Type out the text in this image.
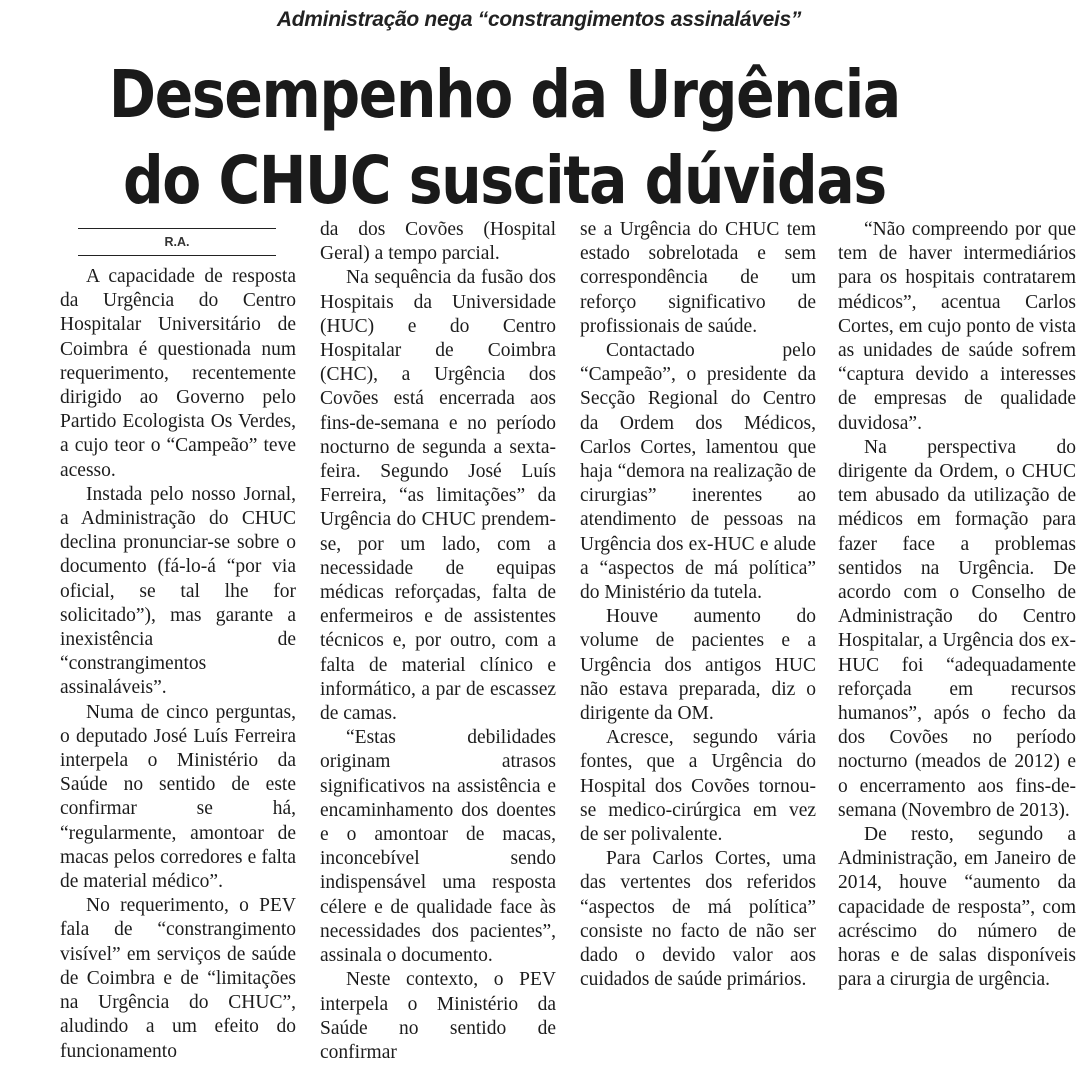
Administração nega “constrangimentos assinaláveis”
Desempenho da Urgência
do CHUC suscita dúvidas
R.A.

A capacidade de resposta da Urgência do Centro Hospitalar Universitário de Coimbra é questionada num requerimento, recentemente dirigido ao Governo pelo Partido Ecologista Os Verdes, a cujo teor o “Campeão” teve acesso.

Instada pelo nosso Jornal, a Administração do CHUC declina pronunciar-se sobre o documento (fá-lo-á “por via oficial, se tal lhe for solicitado”), mas garante a inexistência de “constrangimentos assinaláveis”.

Numa de cinco perguntas, o deputado José Luís Ferreira interpela o Ministério da Saúde no sentido de este confirmar se há, “regularmente, amontoar de macas pelos corredores e falta de material médico”.

No requerimento, o PEV fala de “constrangimento visível” em serviços de saúde de Coimbra e de “limitações na Urgência do CHUC”, aludindo a um efeito do funcionamento

da dos Covões (Hospital Geral) a tempo parcial.

Na sequência da fusão dos Hospitais da Universidade (HUC) e do Centro Hospitalar de Coimbra (CHC), a Urgência dos Covões está encerrada aos fins-de-semana e no período nocturno de segunda a sexta-feira. Segundo José Luís Ferreira, “as limitações” da Urgência do CHUC prendem-se, por um lado, com a necessidade de equipas médicas reforçadas, falta de enfermeiros e de assistentes técnicos e, por outro, com a falta de material clínico e informático, a par de escassez de camas.

“Estas debilidades originam atrasos significativos na assistência e encaminhamento dos doentes e o amontoar de macas, inconcebível sendo indispensável uma resposta célere e de qualidade face às necessidades dos pacientes”, assinala o documento.

Neste contexto, o PEV interpela o Ministério da Saúde no sentido de confirmar

se a Urgência do CHUC tem estado sobrelotada e sem correspondência de um reforço significativo de profissionais de saúde.

Contactado pelo “Campeão”, o presidente da Secção Regional do Centro da Ordem dos Médicos, Carlos Cortes, lamentou que haja “demora na realização de cirurgias” inerentes ao atendimento de pessoas na Urgência dos ex-HUC e alude a “aspectos de má política” do Ministério da tutela.

Houve aumento do volume de pacientes e a Urgência dos antigos HUC não estava preparada, diz o dirigente da OM.

Acresce, segundo vária fontes, que a Urgência do Hospital dos Covões tornou-se medico-cirúrgica em vez de ser polivalente.

Para Carlos Cortes, uma das vertentes dos referidos “aspectos de má política” consiste no facto de não ser dado o devido valor aos cuidados de saúde primários.

“Não compreendo por que tem de haver intermediários para os hospitais contratarem médicos”, acentua Carlos Cortes, em cujo ponto de vista as unidades de saúde sofrem “captura devido a interesses de empresas de qualidade duvidosa”.

Na perspectiva do dirigente da Ordem, o CHUC tem abusado da utilização de médicos em formação para fazer face a problemas sentidos na Urgência. De acordo com o Conselho de Administração do Centro Hospitalar, a Urgência dos ex-HUC foi “adequadamente reforçada em recursos humanos”, após o fecho da dos Covões no período nocturno (meados de 2012) e o encerramento aos fins-de-semana (Novembro de 2013).

De resto, segundo a Administração, em Janeiro de 2014, houve “aumento da capacidade de resposta”, com acréscimo do número de horas e de salas disponíveis para a cirurgia de urgência.
